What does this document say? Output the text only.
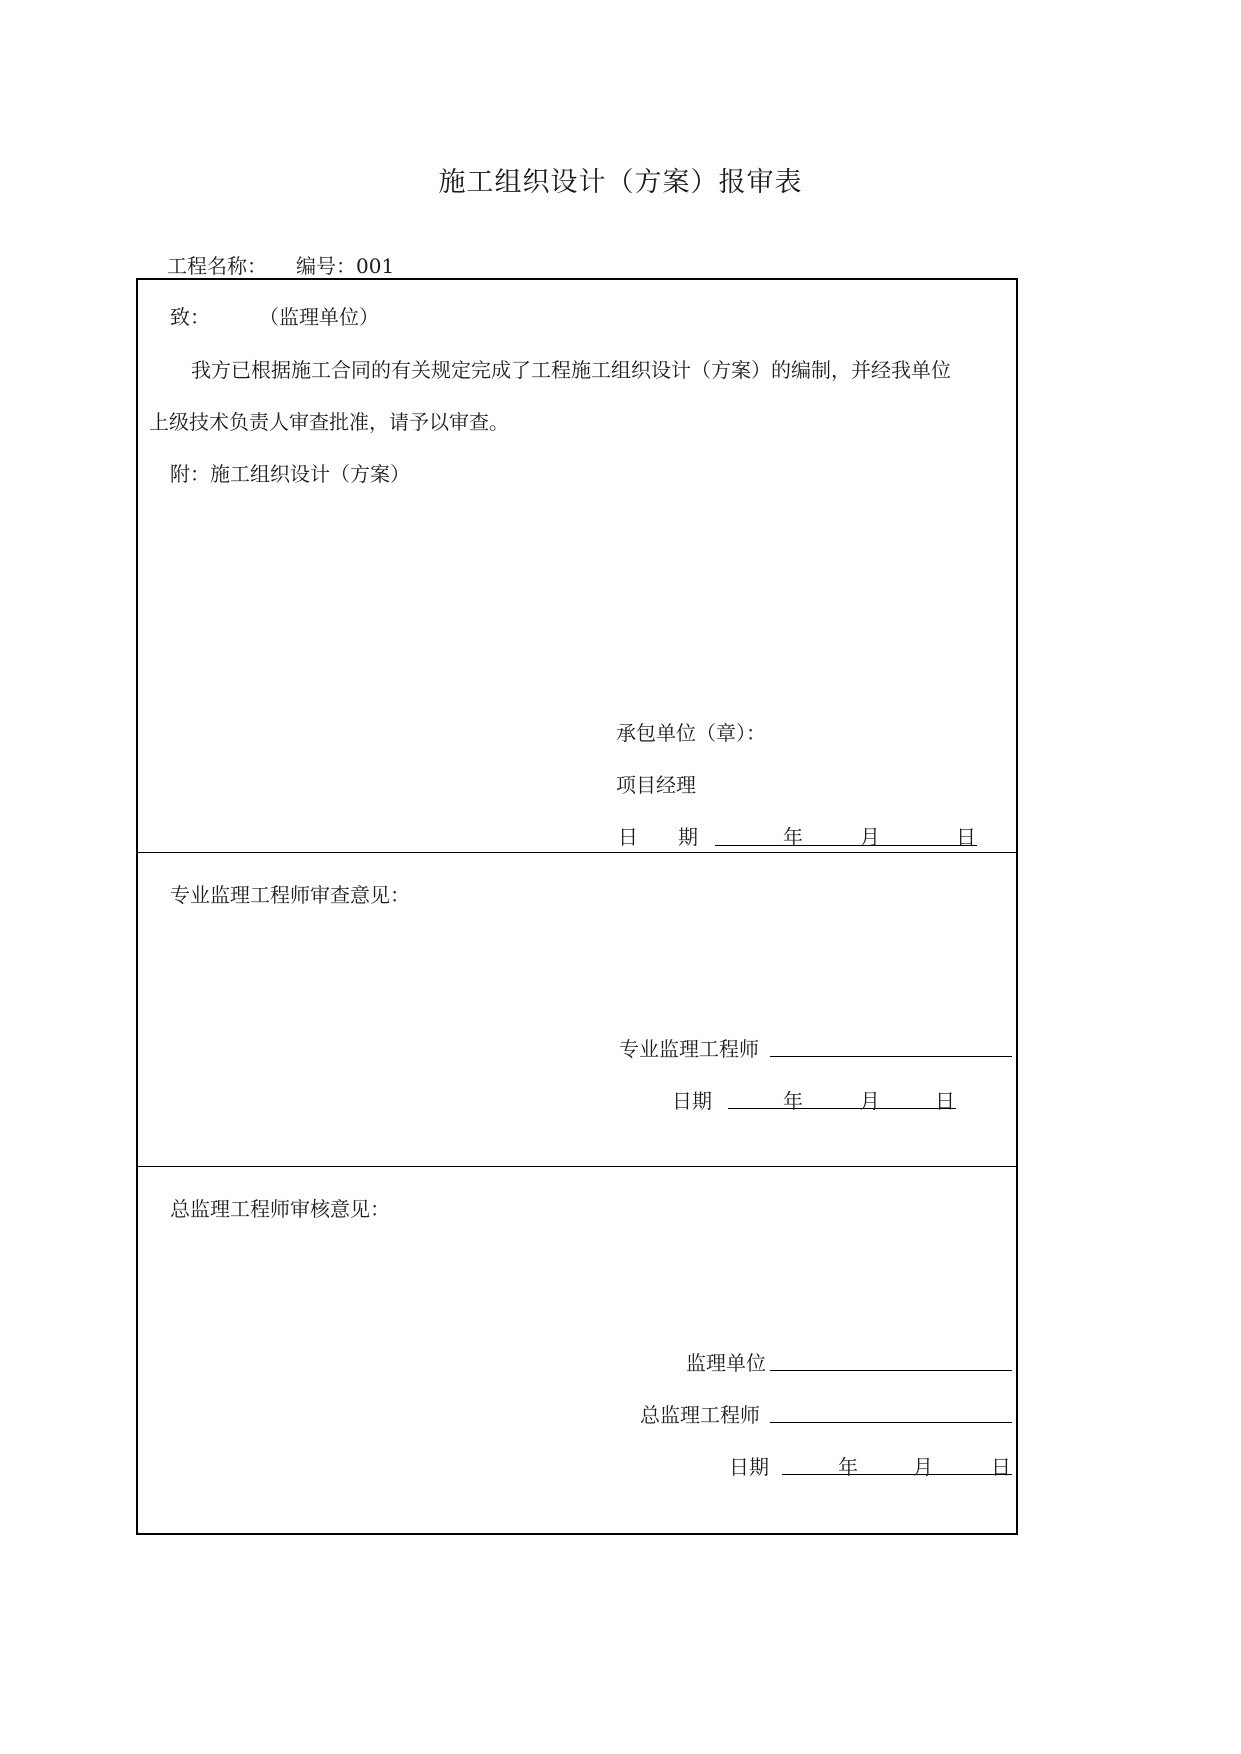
施工组织设计（方案）报审表
工程名称： 编号：001
致： （监理单位）
我方已根据施工合同的有关规定完成了工程施工组织设计（方案）的编制，并经我单位
上级技术负责人审查批准，请予以审查。
附：施工组织设计（方案）
承包单位（章）：
项目经理
日　　期	年	月	日
专业监理工程师审查意见：
专业监理工程师
日期	年	月	日
总监理工程师审核意见：
监理单位
总监理工程师
日期	年	月	日
